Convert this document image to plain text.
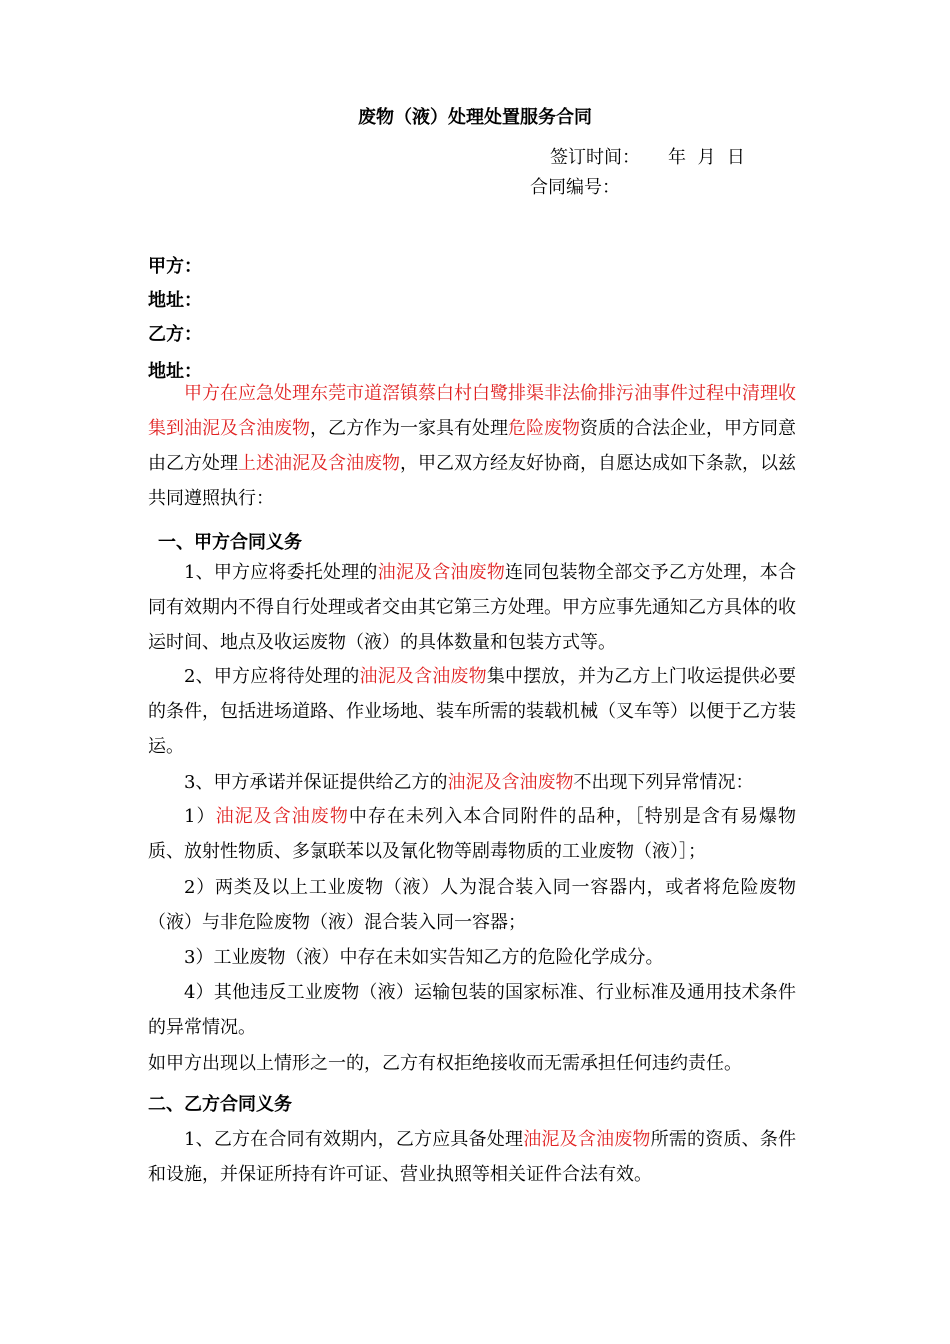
废物（液）处理处置服务合同
签订时间： 年  月  日
合同编号：
甲方：
地址：
乙方：
地址：

甲方在应急处理东莞市道滘镇蔡白村白鹭排渠非法偷排污油事件过程中清理收集到油泥及含油废物，乙方作为一家具有处理危险废物资质的合法企业，甲方同意由乙方处理上述油泥及含油废物，甲乙双方经友好协商，自愿达成如下条款，以兹共同遵照执行：

一、甲方合同义务

1、甲方应将委托处理的油泥及含油废物连同包装物全部交予乙方处理，本合同有效期内不得自行处理或者交由其它第三方处理。甲方应事先通知乙方具体的收运时间、地点及收运废物（液）的具体数量和包装方式等。

2、甲方应将待处理的油泥及含油废物集中摆放，并为乙方上门收运提供必要的条件，包括进场道路、作业场地、装车所需的装载机械（叉车等）以便于乙方装运。

3、甲方承诺并保证提供给乙方的油泥及含油废物不出现下列异常情况：

1）油泥及含油废物中存在未列入本合同附件的品种，［特别是含有易爆物质、放射性物质、多氯联苯以及氰化物等剧毒物质的工业废物（液）］；

2）两类及以上工业废物（液）人为混合装入同一容器内，或者将危险废物（液）与非危险废物（液）混合装入同一容器；

3）工业废物（液）中存在未如实告知乙方的危险化学成分。

4）其他违反工业废物（液）运输包装的国家标准、行业标准及通用技术条件的异常情况。

如甲方出现以上情形之一的，乙方有权拒绝接收而无需承担任何违约责任。

二、乙方合同义务

1、乙方在合同有效期内，乙方应具备处理油泥及含油废物所需的资质、条件和设施，并保证所持有许可证、营业执照等相关证件合法有效。
